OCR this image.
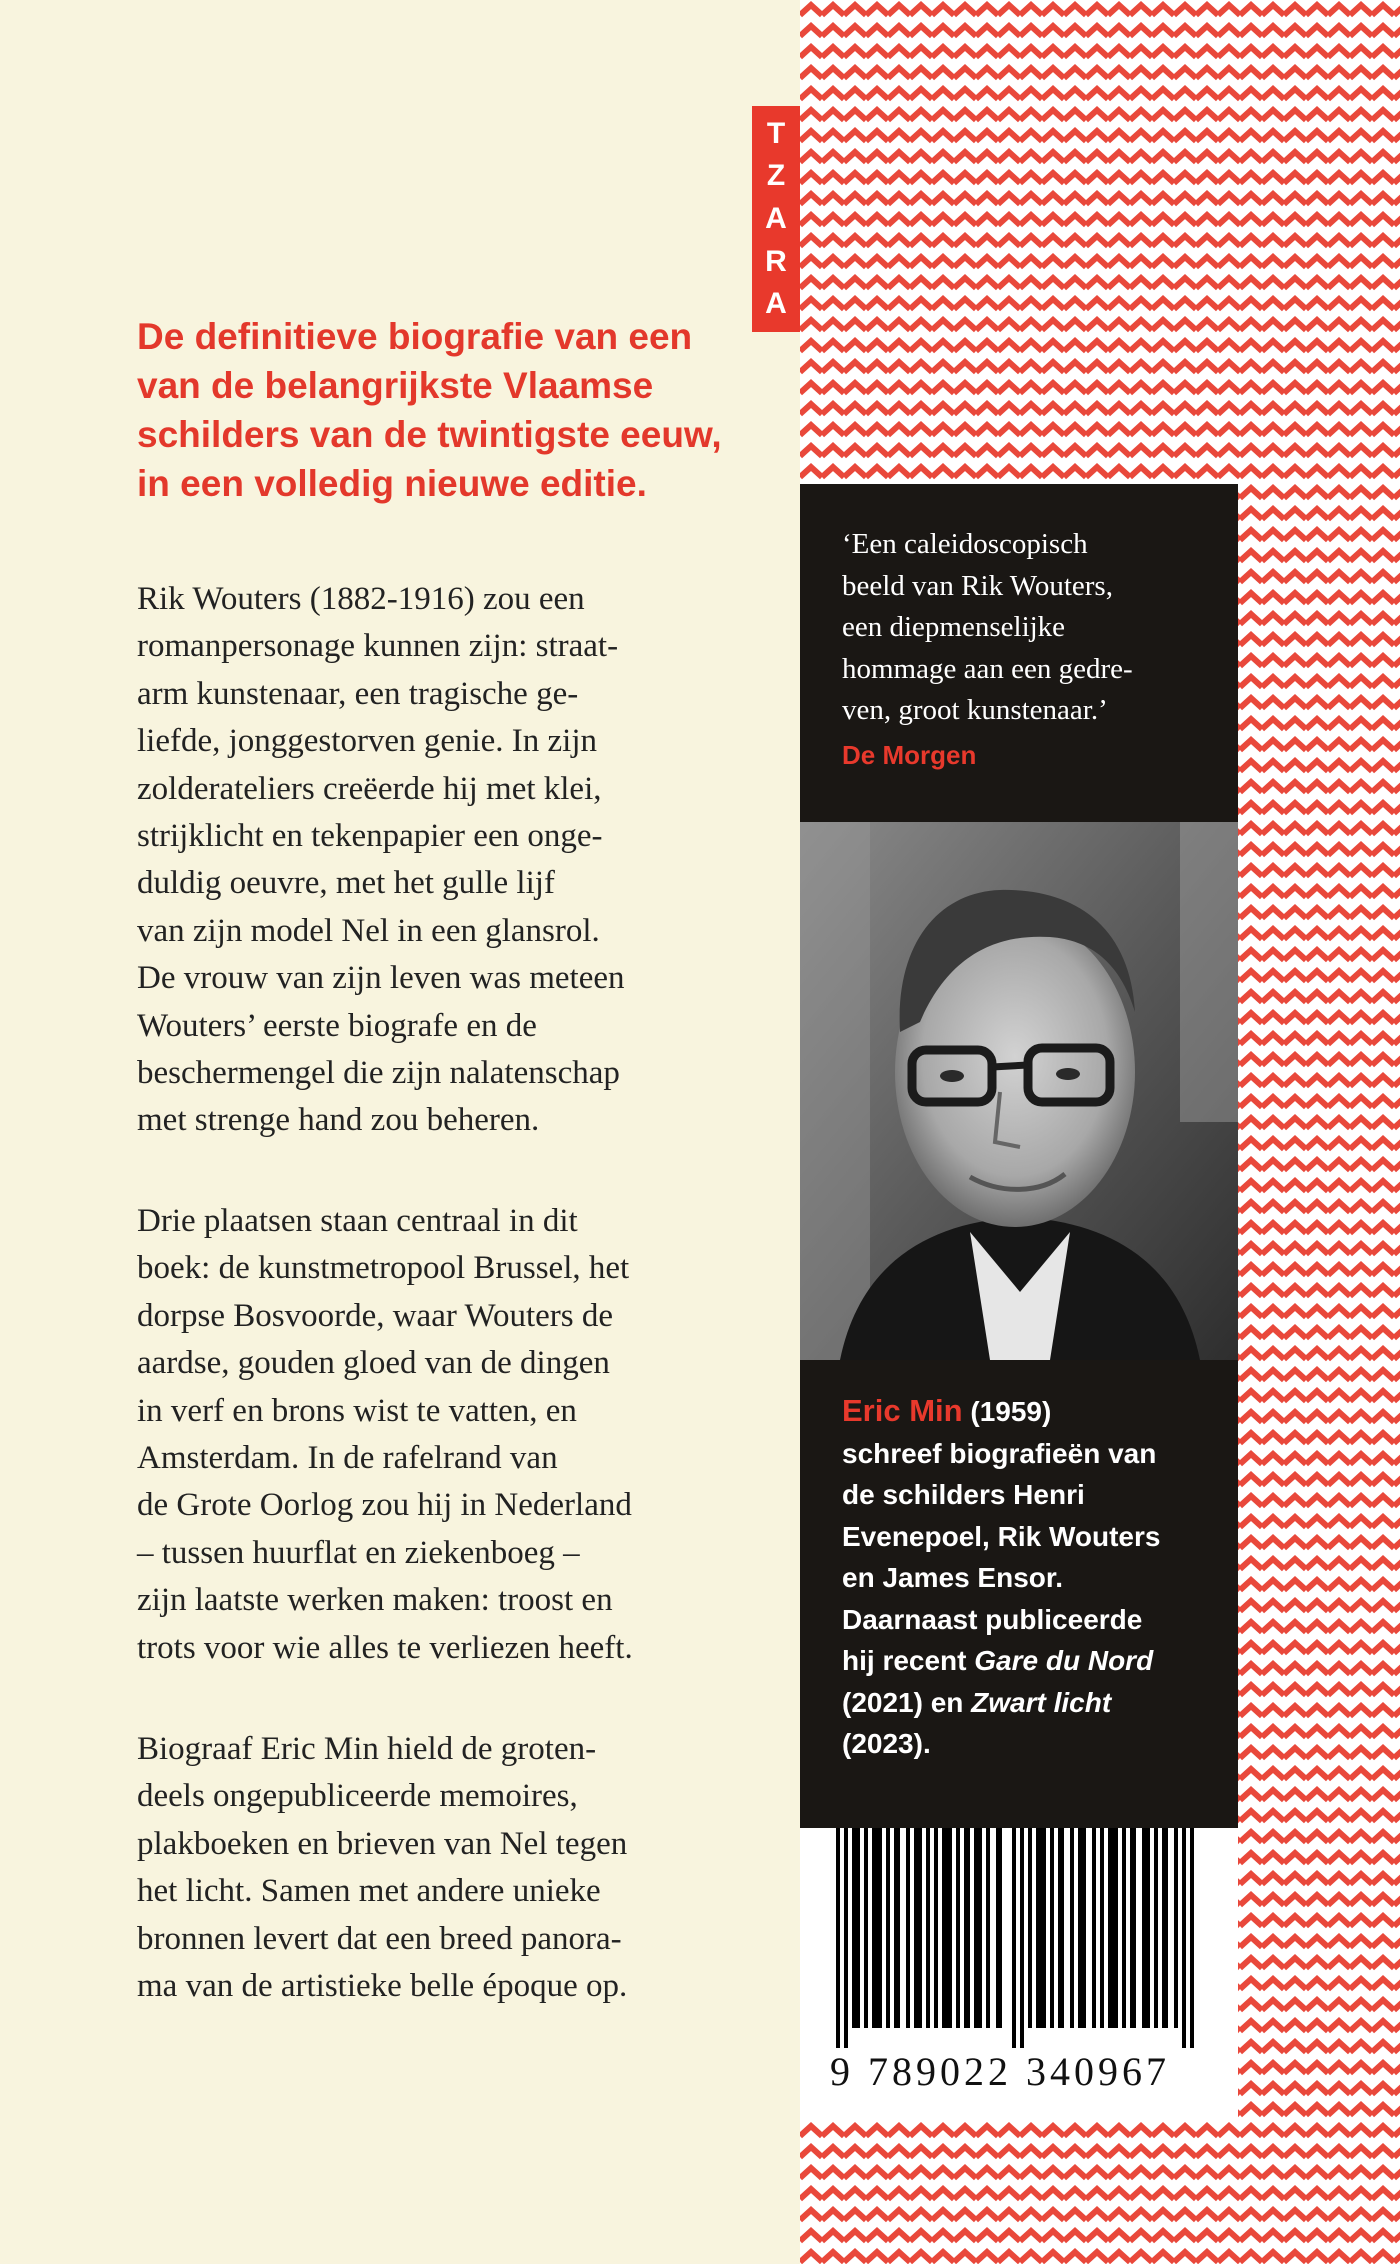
T
Z
A
R
A
De definitieve biografie van een
van de belangrijkste Vlaamse
schilders van de twintigste eeuw,
in een volledig nieuwe editie.
Rik Wouters (1882-1916) zou een
romanpersonage kunnen zijn: straat-
arm kunstenaar, een tragische ge-
liefde, jonggestorven genie. In zijn
zolderateliers creëerde hij met klei,
strijklicht en tekenpapier een onge-
duldig oeuvre, met het gulle lijf
van zijn model Nel in een glansrol.
De vrouw van zijn leven was meteen
Wouters’ eerste biografe en de
beschermengel die zijn nalatenschap
met strenge hand zou beheren.
Drie plaatsen staan centraal in dit
boek: de kunstmetropool Brussel, het
dorpse Bosvoorde, waar Wouters de
aardse, gouden gloed van de dingen
in verf en brons wist te vatten, en
Amsterdam. In de rafelrand van
de Grote Oorlog zou hij in Nederland
– tussen huurflat en ziekenboeg –
zijn laatste werken maken: troost en
trots voor wie alles te verliezen heeft.
Biograaf Eric Min hield de groten-
deels ongepubliceerde memoires,
plakboeken en brieven van Nel tegen
het licht. Samen met andere unieke
bronnen levert dat een breed panora-
ma van de artistieke belle époque op.
‘Een caleidoscopisch
beeld van Rik Wouters,
een diepmenselijke
hommage aan een gedre-
ven, groot kunstenaar.’
De Morgen
Eric Min (1959)
schreef biografieën van
de schilders Henri
Evenepoel, Rik Wouters
en James Ensor.
Daarnaast publiceerde
hij recent Gare du Nord
(2021) en Zwart licht
(2023).
9 789022 340967
